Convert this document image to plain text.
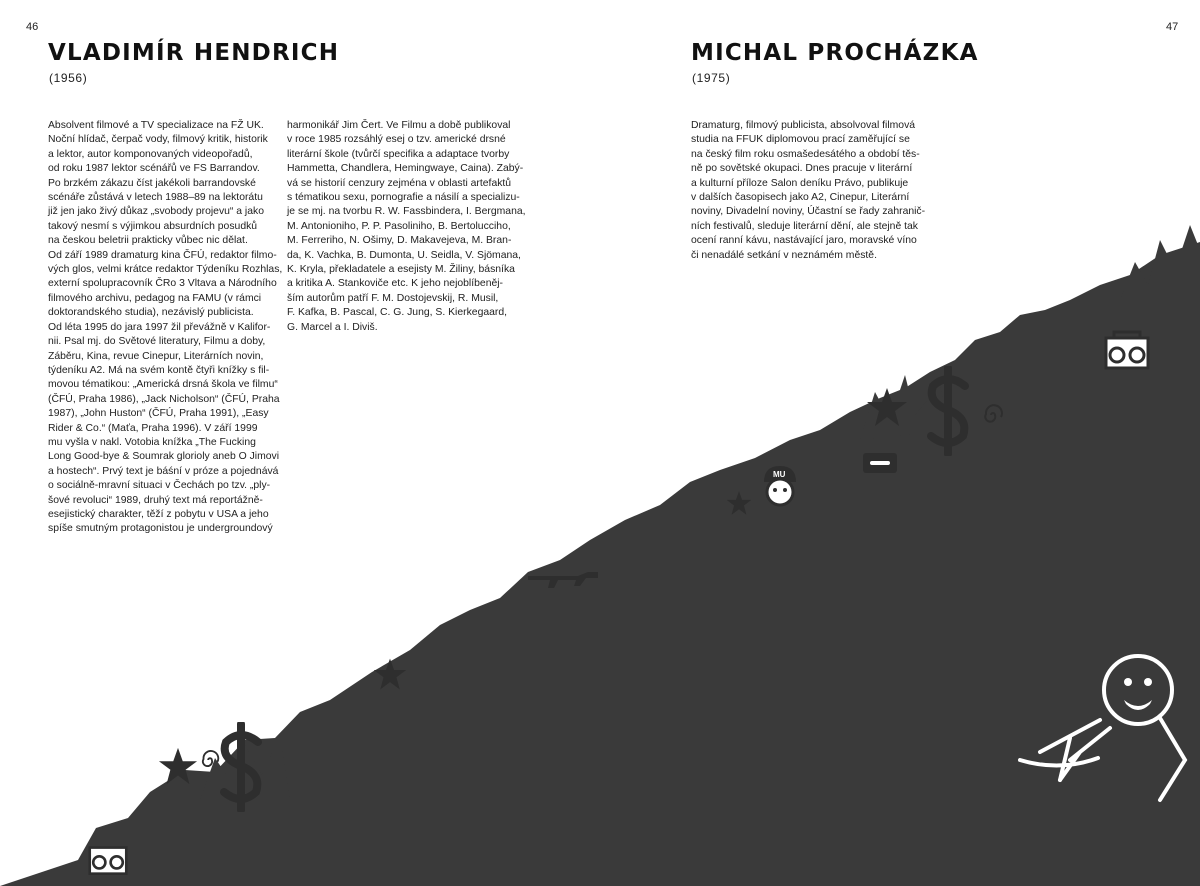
46	47
MU
VLADIMÍR HENDRICH
(1956)
Absolvent filmové a TV specializace na FŽ UK.
Noční hlídač, čerpač vody, filmový kritik, historik
a lektor, autor komponovaných videopořadů,
od roku 1987 lektor scénářů ve FS Barrandov.
Po brzkém zákazu číst jakékoli barrandovské
scénáře zůstává v letech 1988–89 na lektorátu
již jen jako živý důkaz „svobody projevu“ a jako
takový nesmí s výjimkou absurdních posudků
na českou beletrii prakticky vůbec nic dělat.
Od září 1989 dramaturg kina ČFÚ, redaktor filmo-
vých glos, velmi krátce redaktor Týdeníku Rozhlas,
externí spolupracovník ČRo 3 Vltava a Národního
filmového archivu, pedagog na FAMU (v rámci
doktorandského studia), nezávislý publicista.
Od léta 1995 do jara 1997 žil převážně v Kalifor-
nii. Psal mj. do Světové literatury, Filmu a doby,
Záběru, Kina, revue Cinepur, Literárních novin,
týdeníku A2. Má na svém kontě čtyři knížky s fil-
movou tématikou: „Americká drsná škola ve filmu“
(ČFÚ, Praha 1986), „Jack Nicholson“ (ČFÚ, Praha
1987), „John Huston“ (ČFÚ, Praha 1991), „Easy
Rider & Co.“ (Maťa, Praha 1996). V září 1999
mu vyšla v nakl. Votobia knížka „The Fucking
Long Good-bye & Soumrak glorioly aneb O Jimovi
a hostech“. Prvý text je báśní v próze a pojednává
o sociálně-mravní situaci v Čechách po tzv. „ply-
šové revoluci“ 1989, druhý text má reportážně-
esejistický charakter, těží z pobytu v USA a jeho
spíše smutným protagonistou je undergroundový
harmonikář Jim Čert. Ve Filmu a době publikoval
v roce 1985 rozsáhlý esej o tzv. americké drsné
literární škole (tvůrčí specifika a adaptace tvorby
Hammetta, Chandlera, Hemingwaye, Caina). Zabý-
vá se historií cenzury zejména v oblasti artefaktů
s tématikou sexu, pornografie a násilí a specializu-
je se mj. na tvorbu R. W. Fassbindera, I. Bergmana,
M. Antonioniho, P. P. Pasoliniho, B. Bertolucciho,
M. Ferreriho, N. Ošimy, D. Makavejeva, M. Bran-
da, K. Vachka, B. Dumonta, U. Seidla, V. Sjömana,
K. Kryla, překladatele a esejisty M. Žiliny, básníka
a kritika A. Stankoviče etc. K jeho nejoblíbeněj-
ším autorům patří F. M. Dostojevskij, R. Musil,
F. Kafka, B. Pascal, C. G. Jung, S. Kierkegaard,
G. Marcel a I. Diviš.
MICHAL PROCHÁZKA
(1975)
Dramaturg, filmový publicista, absolvoval filmová
studia na FFUK diplomovou prací zaměřující se
na český film roku osmašedesátého a období těs-
ně po sovětské okupaci. Dnes pracuje v literární
a kulturní příloze Salon deníku Právo, publikuje
v dalších časopisech jako A2, Cinepur, Literární
noviny, Divadelní noviny, Účastní se řady zahranič-
ních festivalů, sleduje literární dění, ale stejně tak
ocení ranní kávu, nastávající jaro, moravské víno
či nenadálé setkání v neznámém městě.
